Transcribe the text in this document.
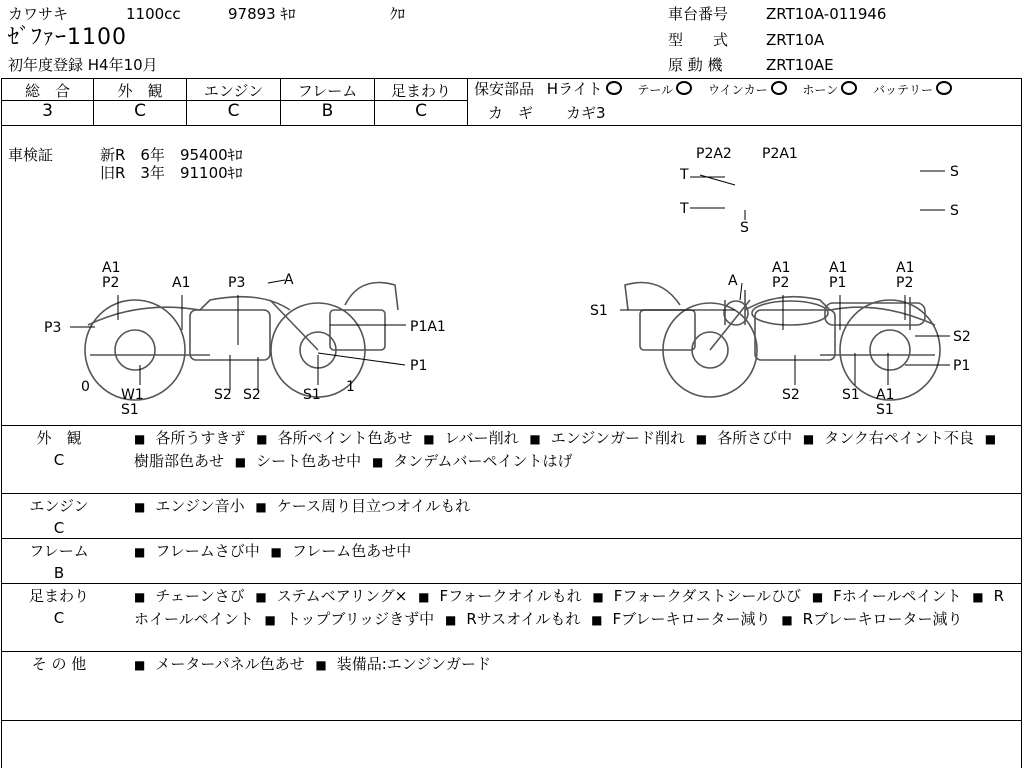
カワサキ	1100cc	97893 ｷﾛ	ｸﾛ
ｾﾞﾌｧｰ1100
初年度登録 H4年10月
車台番号	ZRT10A-011946
型　　式	ZRT10A
原 動 機	ZRT10AE
総　合	外　観	エンジン	フレーム	足まわり
3	C	C	B	C
保安部品 Hライト	テール	ウインカー	ホーン	バッテリー
カ　ギ カギ3
車検証	新R　6年　95400ｷﾛ
旧R　3年　91100ｷﾛ
P2A2 P2A1
T
T
S
S
S
A1
P2	A1	P3	A
P3	P1A1
P1
0 W1
S1
S2 S2	S1 1
A
A1
P2
A1
P1
A1
P2
S1
S2
P1
S2	S1 A1
S1
外　観
C
■ 各所うすきず ■ 各所ペイント色あせ ■ レバー削れ ■ エンジンガード削れ ■ 各所さび中 ■ タンク右ペイント不良 ■ 樹脂部色あせ ■ シート色あせ中 ■ タンデムバーペイントはげ
エンジン
C
■ エンジン音小 ■ ケース周り目立つオイルもれ
フレーム
B
■ フレームさび中 ■ フレーム色あせ中
足まわり
C
■ チェーンさび ■ ステムベアリング× ■ Fフォークオイルもれ ■ Fフォークダストシールひび ■ Fホイールペイント ■ Rホイールペイント ■ トップブリッジきず中 ■ Rサスオイルもれ ■ Fブレーキローター減り ■ Rブレーキローター減り
そ の 他	■ メーターパネル色あせ ■ 装備品:エンジンガード
